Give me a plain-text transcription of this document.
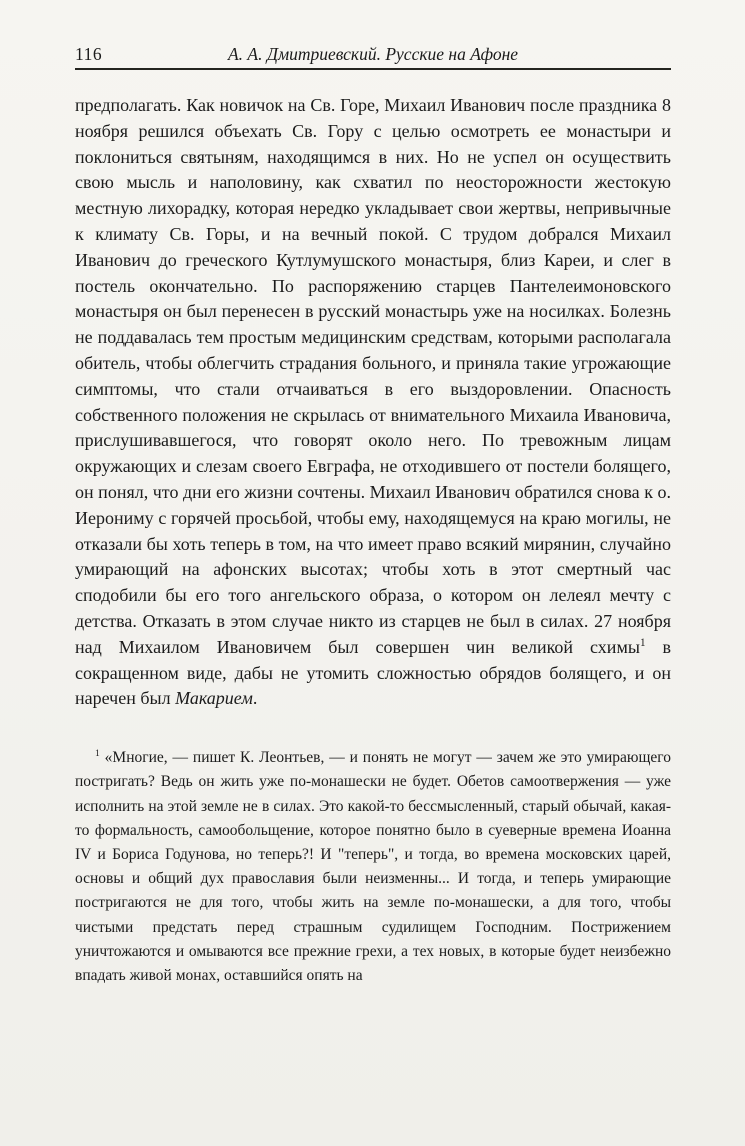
116	А. А. Дмитриевский. Русские на Афоне

предполагать. Как новичок на Св. Горе, Михаил Иванович после праздника 8 ноября решился объехать Св. Гору с целью осмотреть ее монастыри и поклониться святыням, находящимся в них. Но не успел он осуществить свою мысль и наполовину, как схватил по неосторожности жестокую местную лихорадку, которая нередко укладывает свои жертвы, непривычные к климату Св. Горы, и на вечный покой. С трудом добрался Михаил Иванович до греческого Кутлумушского монастыря, близ Кареи, и слег в постель окончательно. По распоряжению старцев Пантелеимоновского монастыря он был перенесен в русский монастырь уже на носилках. Болезнь не поддавалась тем простым медицинским средствам, которыми располагала обитель, чтобы облегчить страдания больного, и приняла такие угрожающие симптомы, что стали отчаиваться в его выздоровлении. Опасность собственного положения не скрылась от внимательного Михаила Ивановича, прислушивавшегося, что говорят около него. По тревожным лицам окружающих и слезам своего Евграфа, не отходившего от постели болящего, он понял, что дни его жизни сочтены. Михаил Иванович обратился снова к о. Иерониму с горячей просьбой, чтобы ему, находящемуся на краю могилы, не отказали бы хоть теперь в том, на что имеет право всякий мирянин, случайно умирающий на афонских высотах; чтобы хоть в этот смертный час сподобили бы его того ангельского образа, о котором он лелеял мечту с детства. Отказать в этом случае никто из старцев не был в силах. 27 ноября над Михаилом Ивановичем был совершен чин великой схимы$^1$ в сокращенном виде, дабы не утомить сложностью обрядов болящего, и он наречен был Макарием.

$^1$ «Многие, — пишет К. Леонтьев, — и понять не могут — зачем же это умирающего постригать? Ведь он жить уже по-монашески не будет. Обетов самоотвержения — уже исполнить на этой земле не в силах. Это какой-то бессмысленный, старый обычай, какая-то формальность, самообольщение, которое понятно было в суеверные времена Иоанна IV и Бориса Годунова, но теперь?! И "теперь", и тогда, во времена московских царей, основы и общий дух православия были неизменны... И тогда, и теперь умирающие постригаются не для того, чтобы жить на земле по-монашески, а для того, чтобы чистыми предстать перед страшным судилищем Господним. Пострижением уничтожаются и омываются все прежние грехи, а тех новых, в которые будет неизбежно впадать живой монах, оставшийся опять на
